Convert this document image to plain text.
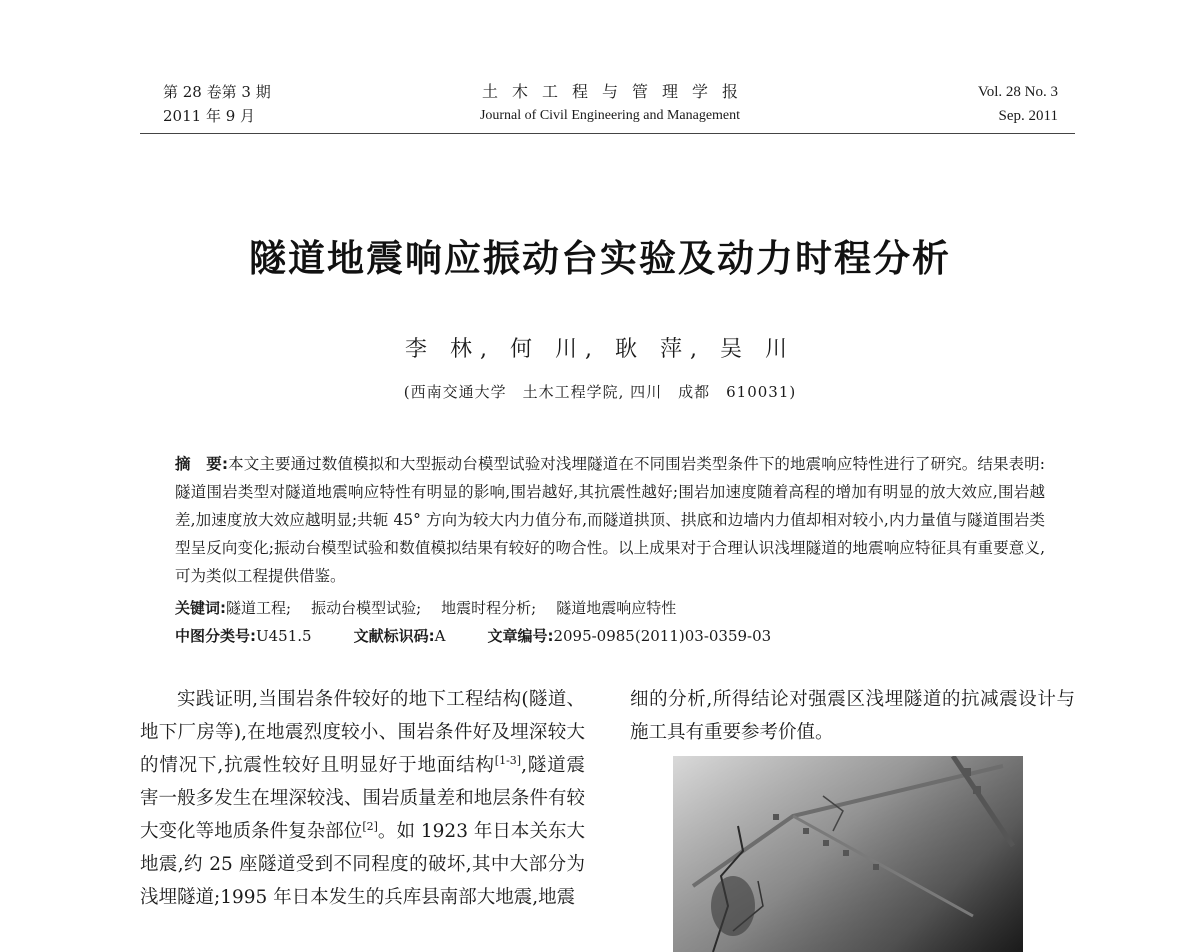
第 28 卷第 3 期
2011 年 9 月
土木工程与管理学报
Journal of Civil Engineering and Management
Vol. 28 No. 3
Sep. 2011
隧道地震响应振动台实验及动力时程分析
李 林, 何 川, 耿 萍, 吴 川
(西南交通大学　土木工程学院, 四川　成都　610031)
摘　要:本文主要通过数值模拟和大型振动台模型试验对浅埋隧道在不同围岩类型条件下的地震响应特性进行了研究。结果表明:隧道围岩类型对隧道地震响应特性有明显的影响,围岩越好,其抗震性越好;围岩加速度随着高程的增加有明显的放大效应,围岩越差,加速度放大效应越明显;共轭 45° 方向为较大内力值分布,而隧道拱顶、拱底和边墙内力值却相对较小,内力量值与隧道围岩类型呈反向变化;振动台模型试验和数值模拟结果有较好的吻合性。以上成果对于合理认识浅埋隧道的地震响应特征具有重要意义,可为类似工程提供借鉴。
关键词:隧道工程; 振动台模型试验; 地震时程分析; 隧道地震响应特性
中图分类号:U451.5	文献标识码:A	文章编号:2095-0985(2011)03-0359-03

实践证明,当围岩条件较好的地下工程结构(隧道、地下厂房等),在地震烈度较小、围岩条件好及埋深较大的情况下,抗震性较好且明显好于地面结构[1-3],隧道震害一般多发生在埋深较浅、围岩质量差和地层条件有较大变化等地质条件复杂部位[2]。如 1923 年日本关东大地震,约 25 座隧道受到不同程度的破坏,其中大部分为浅埋隧道;1995 年日本发生的兵库县南部大地震,地震

细的分析,所得结论对强震区浅埋隧道的抗减震设计与施工具有重要参考价值。
